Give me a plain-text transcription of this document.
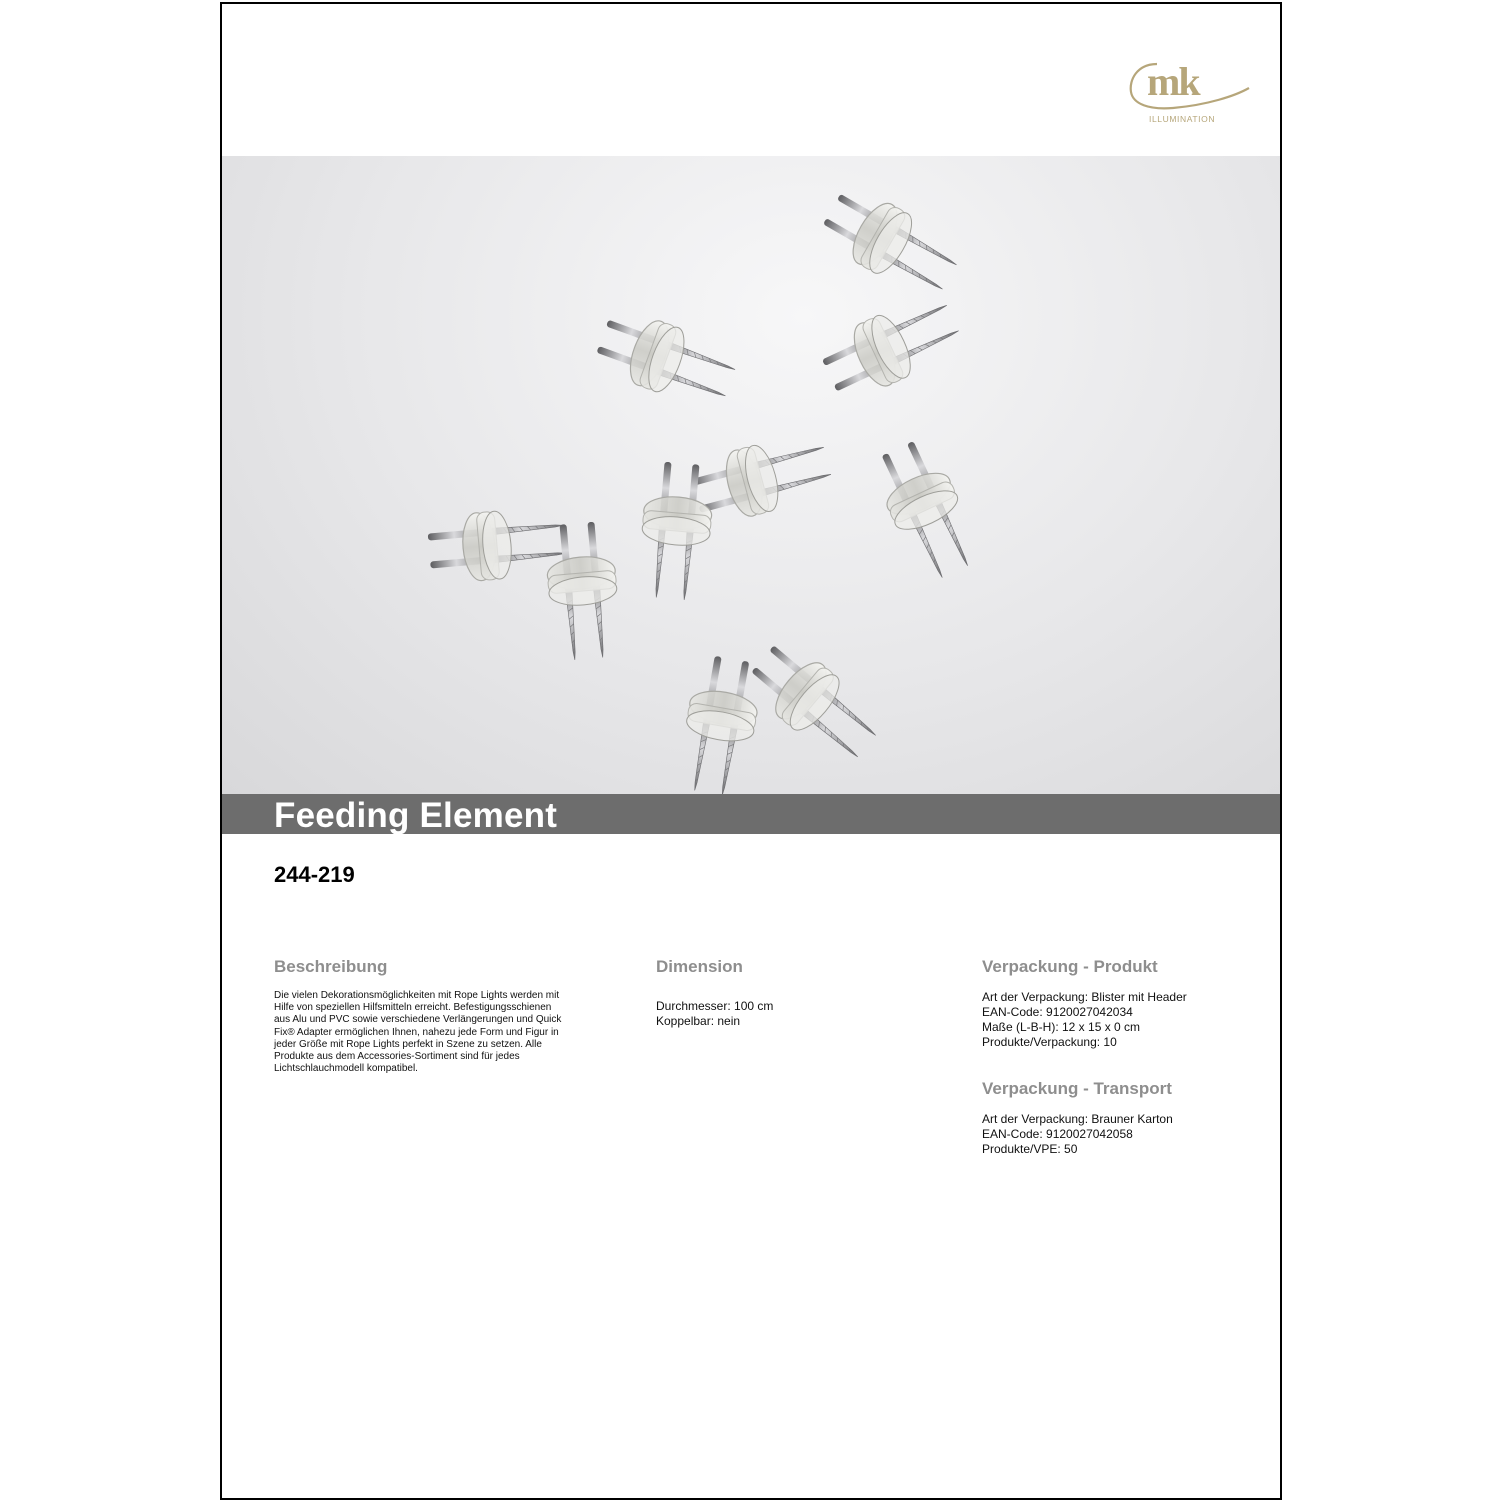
mk
ILLUMINATION
Feeding Element

244-219

Beschreibung

Die vielen Dekorationsmöglichkeiten mit Rope Lights werden mit Hilfe von speziellen Hilfsmitteln erreicht. Befestigungsschienen aus Alu und PVC sowie verschiedene Verlängerungen und Quick Fix® Adapter ermöglichen Ihnen, nahezu jede Form und Figur in jeder Größe mit Rope Lights perfekt in Szene zu setzen. Alle Produkte aus dem Accessories-Sortiment sind für jedes Lichtschlauchmodell kompatibel.

Dimension
Durchmesser: 100 cm
Koppelbar: nein
Verpackung - Produkt
Art der Verpackung: Blister mit Header
EAN-Code: 9120027042034
Maße (L-B-H): 12 x 15 x 0 cm
Produkte/Verpackung: 10
Verpackung - Transport
Art der Verpackung: Brauner Karton
EAN-Code: 9120027042058
Produkte/VPE: 50
